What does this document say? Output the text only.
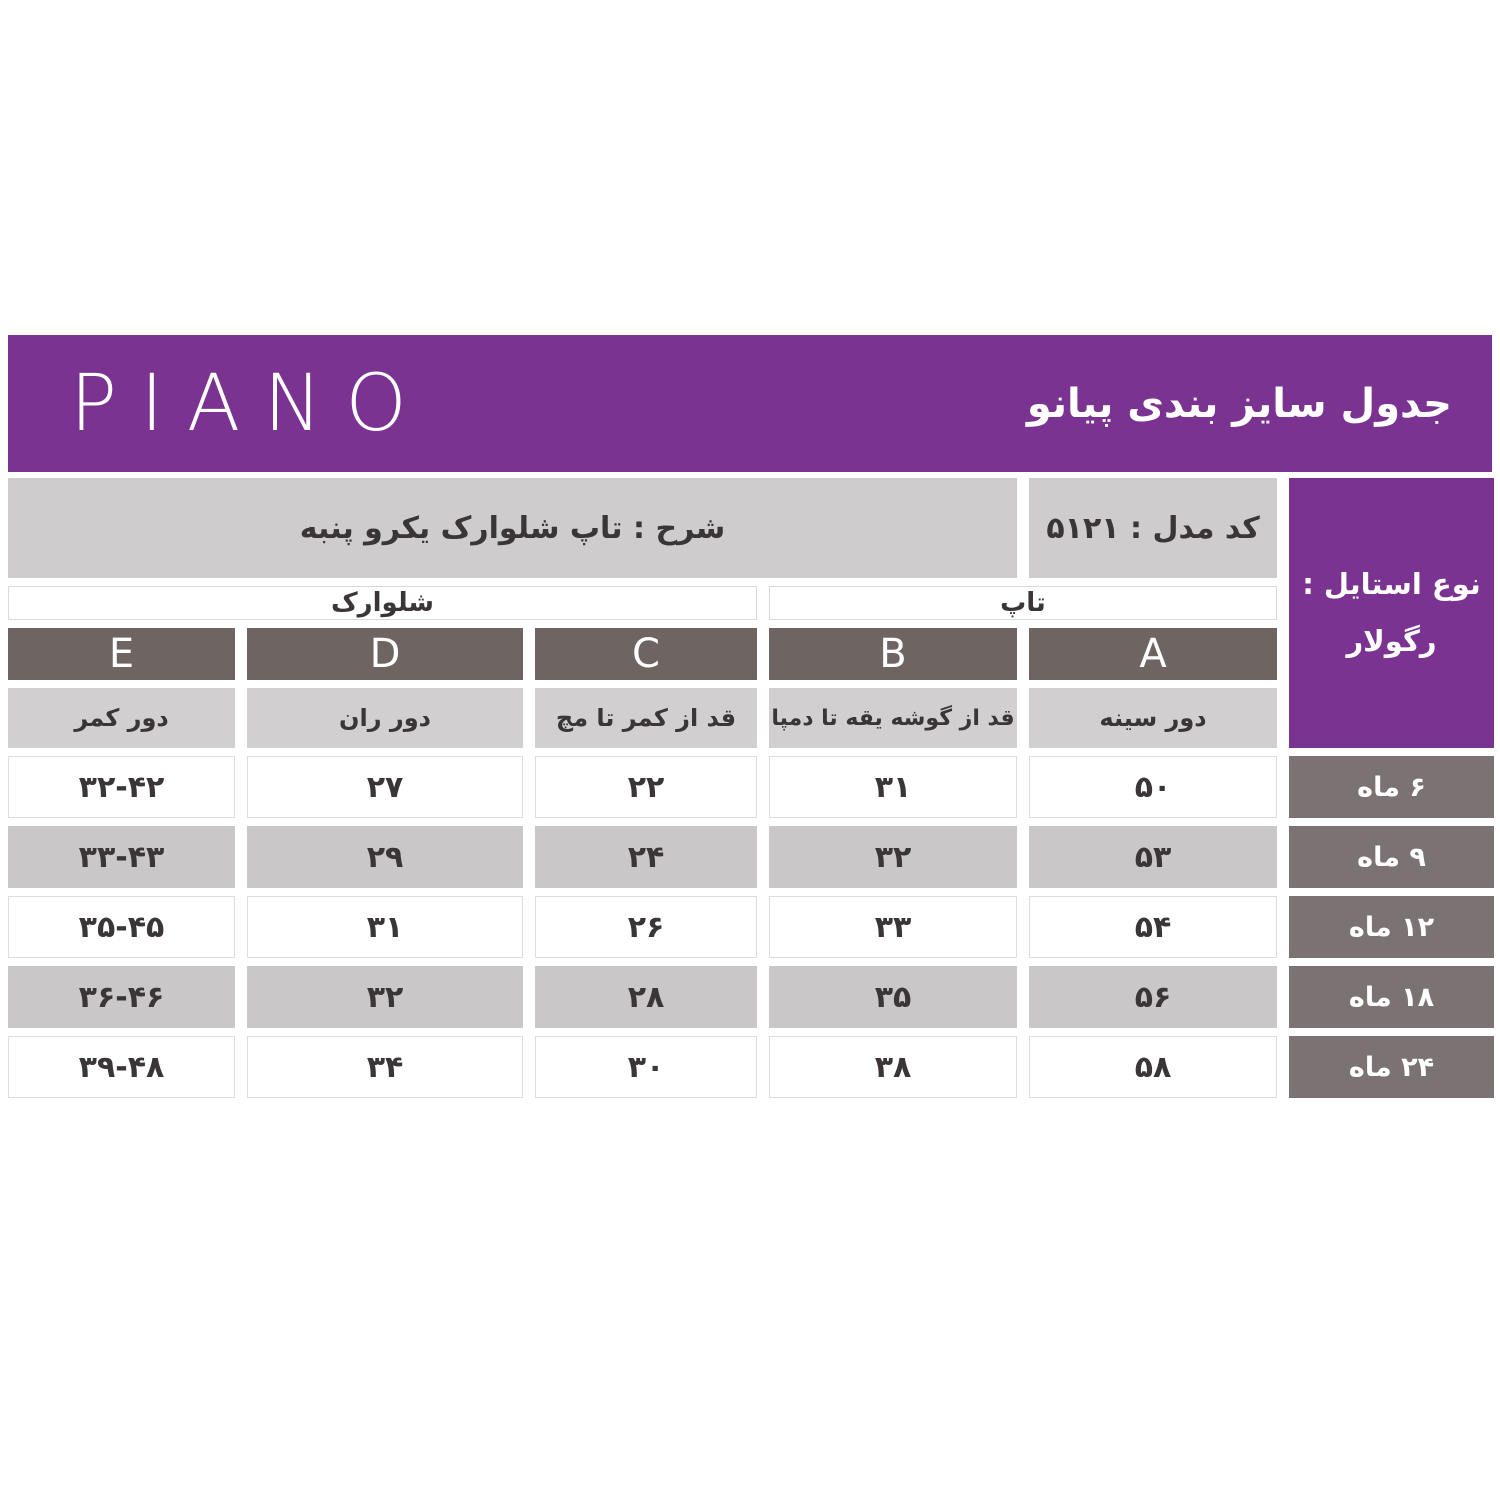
PIANO	جدول سایز بندی پیانو
نوع استایل :
رگولار
کد مدل : ۵۱۲۱
شرح : تاپ شلوارک یکرو پنبه
تاپ
شلوارک
A
B
C
D
E
دور سینه
قد از گوشه یقه تا دمپا
قد از کمر تا مچ
دور ران
دور کمر
۶ ماه
۵۰
۳۱
۲۲
۲۷
۳۲-۴۲
۹ ماه
۵۳
۳۲
۲۴
۲۹
۳۳-۴۳
۱۲ ماه
۵۴
۳۳
۲۶
۳۱
۳۵-۴۵
۱۸ ماه
۵۶
۳۵
۲۸
۳۲
۳۶-۴۶
۲۴ ماه
۵۸
۳۸
۳۰
۳۴
۳۹-۴۸
